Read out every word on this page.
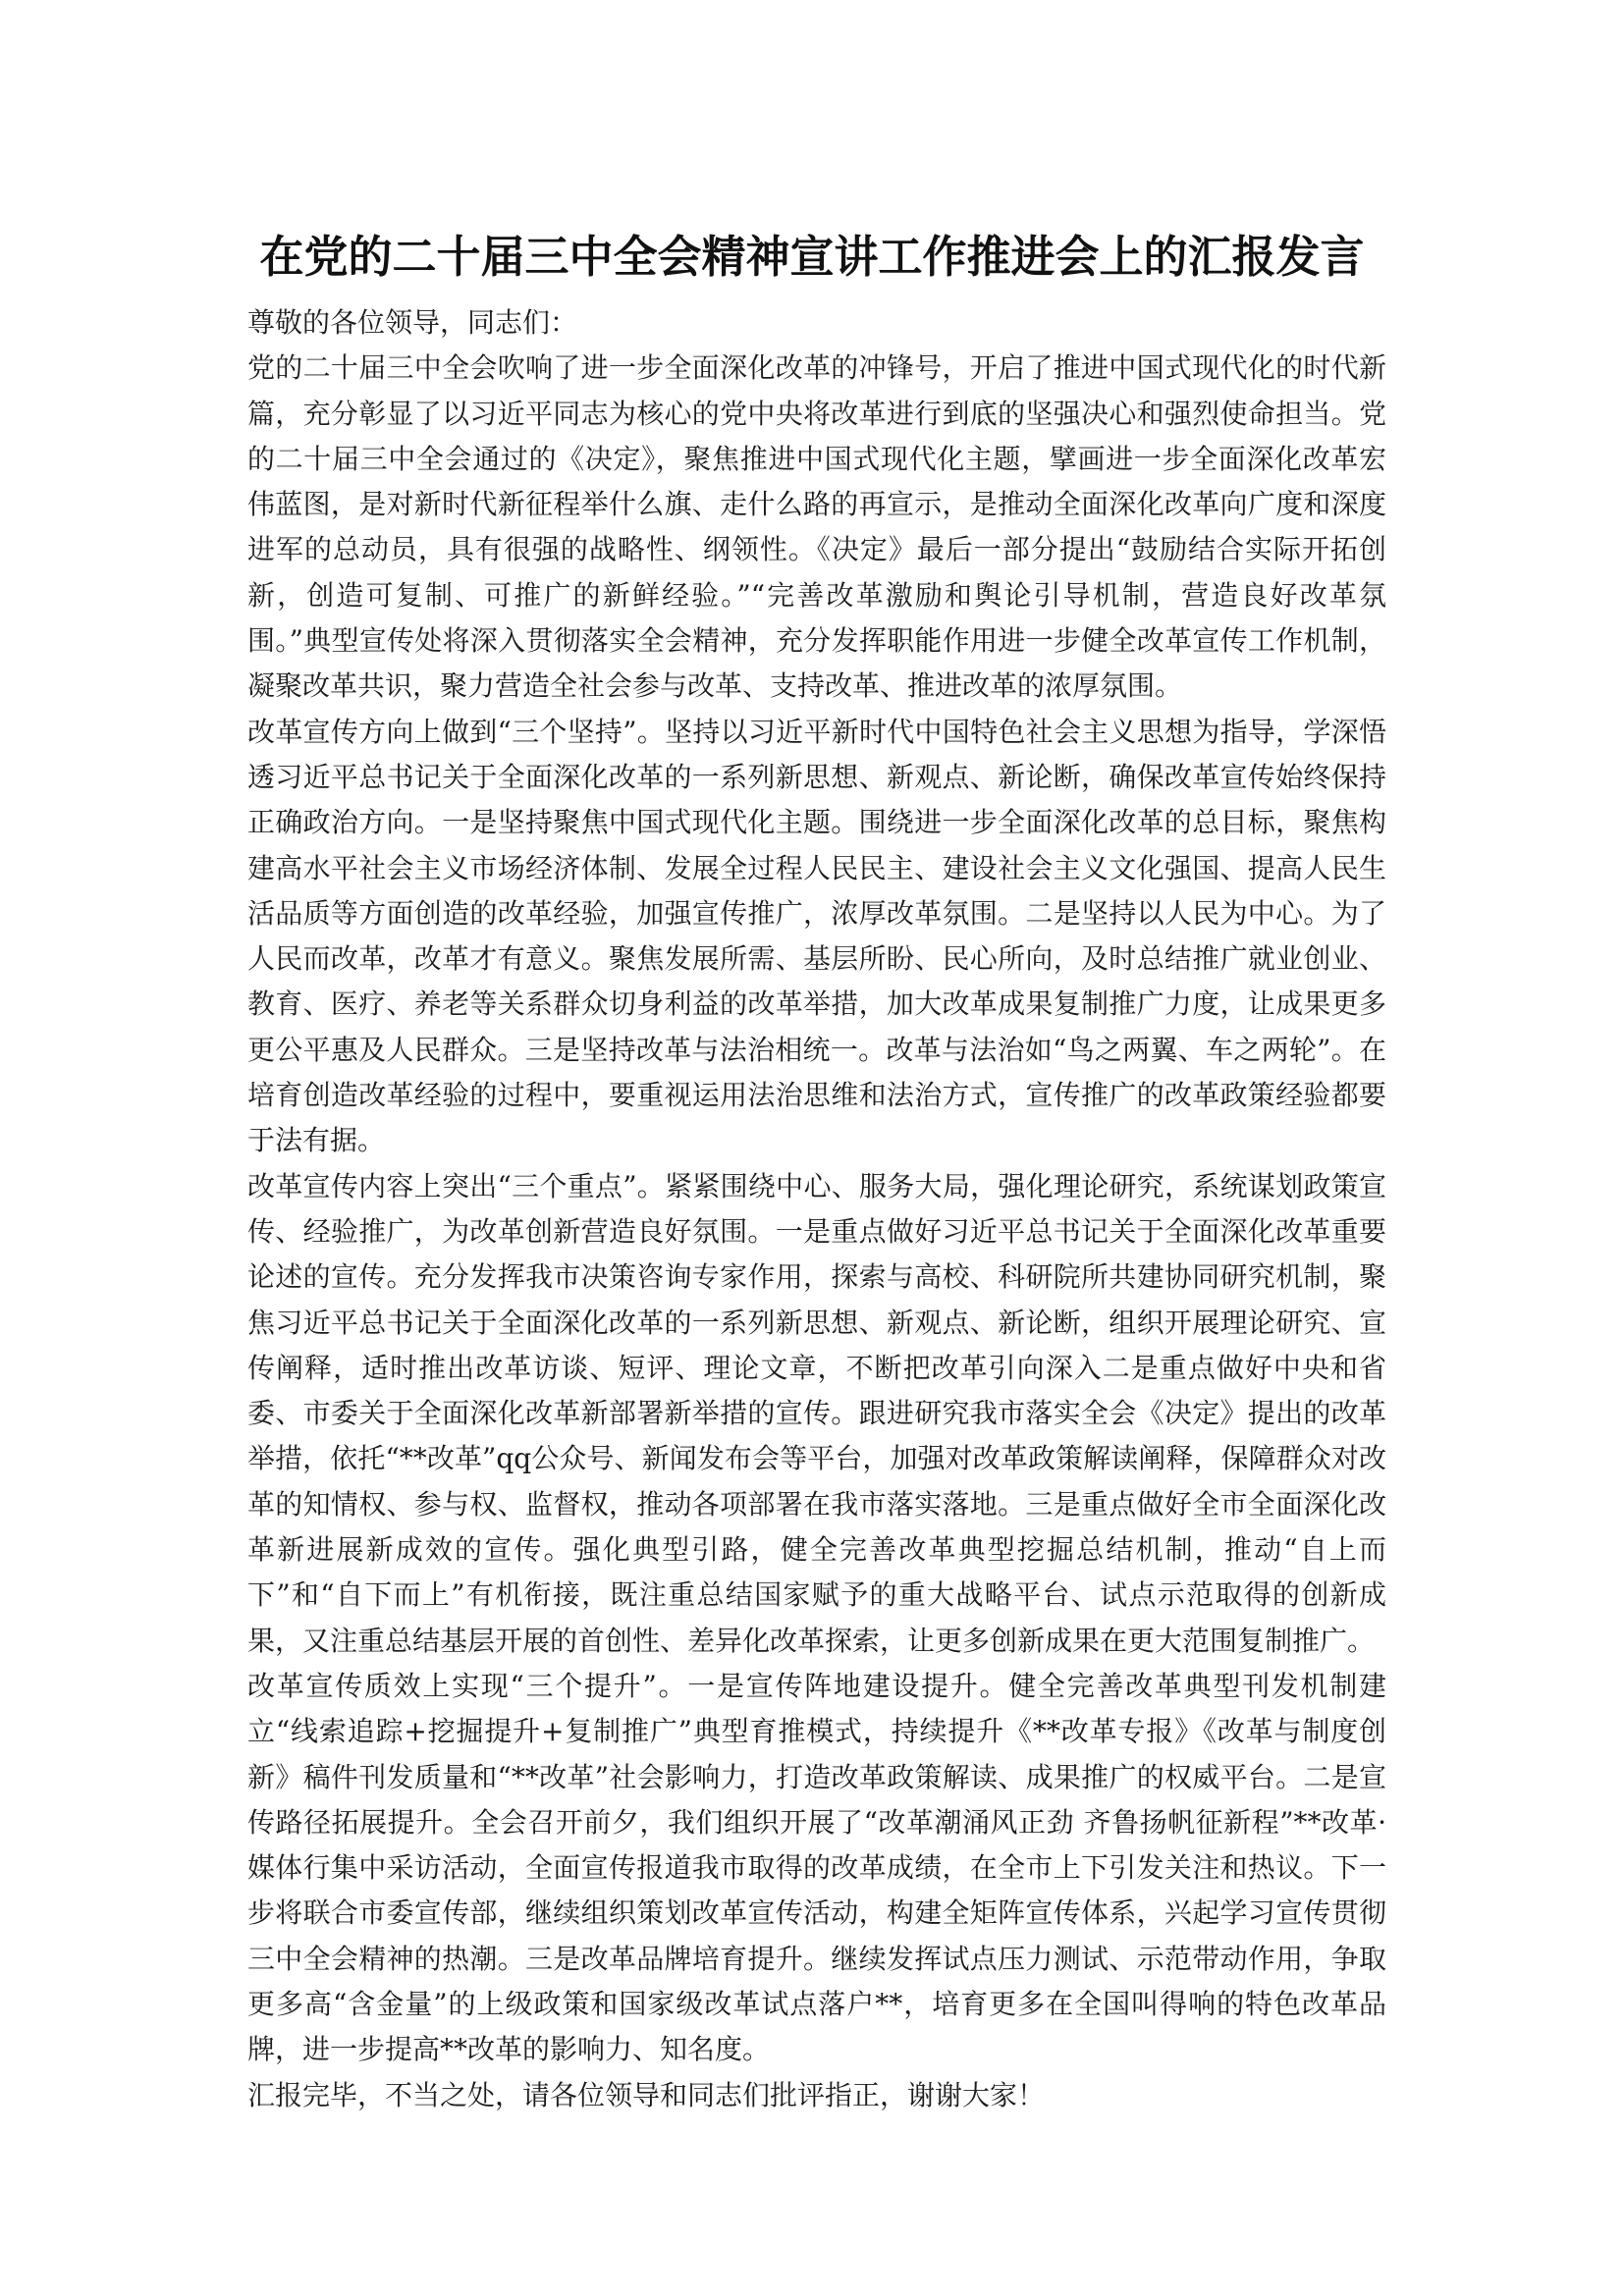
在党的二十届三中全会精神宣讲工作推进会上的汇报发言

尊敬的各位领导，同志们：

党的二十届三中全会吹响了进一步全面深化改革的冲锋号，开启了推进中国式现代化的时代新篇，充分彰显了以习近平同志为核心的党中央将改革进行到底的坚强决心和强烈使命担当。党的二十届三中全会通过的《决定》，聚焦推进中国式现代化主题，擘画进一步全面深化改革宏伟蓝图，是对新时代新征程举什么旗、走什么路的再宣示，是推动全面深化改革向广度和深度进军的总动员，具有很强的战略性、纲领性。《决定》最后一部分提出“鼓励结合实际开拓创新，创造可复制、可推广的新鲜经验。”“完善改革激励和舆论引导机制，营造良好改革氛围。”典型宣传处将深入贯彻落实全会精神，充分发挥职能作用进一步健全改革宣传工作机制，凝聚改革共识，聚力营造全社会参与改革、支持改革、推进改革的浓厚氛围。

改革宣传方向上做到“三个坚持”。坚持以习近平新时代中国特色社会主义思想为指导，学深悟透习近平总书记关于全面深化改革的一系列新思想、新观点、新论断，确保改革宣传始终保持正确政治方向。一是坚持聚焦中国式现代化主题。围绕进一步全面深化改革的总目标，聚焦构建高水平社会主义市场经济体制、发展全过程人民民主、建设社会主义文化强国、提高人民生活品质等方面创造的改革经验，加强宣传推广，浓厚改革氛围。二是坚持以人民为中心。为了人民而改革，改革才有意义。聚焦发展所需、基层所盼、民心所向，及时总结推广就业创业、教育、医疗、养老等关系群众切身利益的改革举措，加大改革成果复制推广力度，让成果更多更公平惠及人民群众。三是坚持改革与法治相统一。改革与法治如“鸟之两翼、车之两轮”。在培育创造改革经验的过程中，要重视运用法治思维和法治方式，宣传推广的改革政策经验都要于法有据。

改革宣传内容上突出“三个重点”。紧紧围绕中心、服务大局，强化理论研究，系统谋划政策宣传、经验推广，为改革创新营造良好氛围。一是重点做好习近平总书记关于全面深化改革重要论述的宣传。充分发挥我市决策咨询专家作用，探索与高校、科研院所共建协同研究机制，聚焦习近平总书记关于全面深化改革的一系列新思想、新观点、新论断，组织开展理论研究、宣传阐释，适时推出改革访谈、短评、理论文章，不断把改革引向深入二是重点做好中央和省委、市委关于全面深化改革新部署新举措的宣传。跟进研究我市落实全会《决定》提出的改革举措，依托“**改革”qq公众号、新闻发布会等平台，加强对改革政策解读阐释，保障群众对改革的知情权、参与权、监督权，推动各项部署在我市落实落地。三是重点做好全市全面深化改革新进展新成效的宣传。强化典型引路，健全完善改革典型挖掘总结机制，推动“自上而下”和“自下而上”有机衔接，既注重总结国家赋予的重大战略平台、试点示范取得的创新成果，又注重总结基层开展的首创性、差异化改革探索，让更多创新成果在更大范围复制推广。

改革宣传质效上实现“三个提升”。一是宣传阵地建设提升。健全完善改革典型刊发机制建立“线索追踪+挖掘提升+复制推广”典型育推模式，持续提升《**改革专报》《改革与制度创新》稿件刊发质量和“**改革”社会影响力，打造改革政策解读、成果推广的权威平台。二是宣传路径拓展提升。全会召开前夕，我们组织开展了“改革潮涌风正劲 齐鲁扬帆征新程”**改革·媒体行集中采访活动，全面宣传报道我市取得的改革成绩，在全市上下引发关注和热议。下一步将联合市委宣传部，继续组织策划改革宣传活动，构建全矩阵宣传体系，兴起学习宣传贯彻三中全会精神的热潮。三是改革品牌培育提升。继续发挥试点压力测试、示范带动作用，争取更多高“含金量”的上级政策和国家级改革试点落户**，培育更多在全国叫得响的特色改革品牌，进一步提高**改革的影响力、知名度。

汇报完毕，不当之处，请各位领导和同志们批评指正，谢谢大家！
